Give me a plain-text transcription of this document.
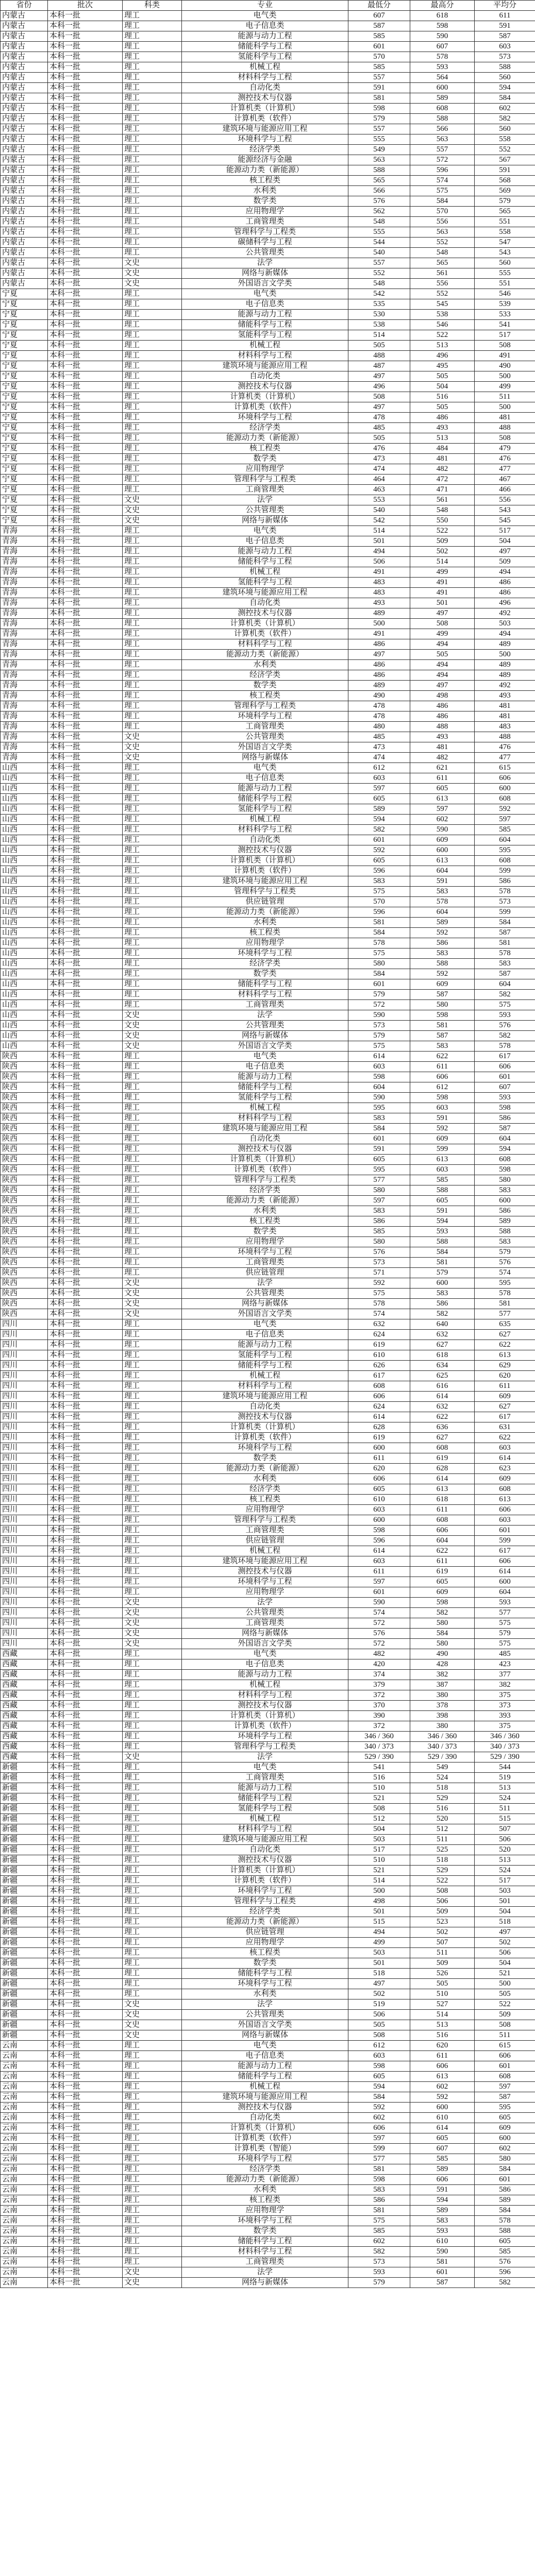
省份	批次	科类	专业	最低分	最高分	平均分
内蒙古	本科一批	理工	电气类	607	618	611
内蒙古	本科一批	理工	电子信息类	587	598	591
内蒙古	本科一批	理工	能源与动力工程	585	590	587
内蒙古	本科一批	理工	储能科学与工程	601	607	603
内蒙古	本科一批	理工	氢能科学与工程	570	578	573
内蒙古	本科一批	理工	机械工程	585	593	588
内蒙古	本科一批	理工	材料科学与工程	557	564	560
内蒙古	本科一批	理工	自动化类	591	600	594
内蒙古	本科一批	理工	测控技术与仪器	581	589	584
内蒙古	本科一批	理工	计算机类（计算机）	598	608	602
内蒙古	本科一批	理工	计算机类（软件）	579	588	582
内蒙古	本科一批	理工	建筑环境与能源应用工程	557	566	560
内蒙古	本科一批	理工	环境科学与工程	555	563	558
内蒙古	本科一批	理工	经济学类	549	557	552
内蒙古	本科一批	理工	能源经济与金融	563	572	567
内蒙古	本科一批	理工	能源动力类（新能源）	588	596	591
内蒙古	本科一批	理工	核工程类	565	574	568
内蒙古	本科一批	理工	水利类	566	575	569
内蒙古	本科一批	理工	数学类	576	584	579
内蒙古	本科一批	理工	应用物理学	562	570	565
内蒙古	本科一批	理工	工商管理类	548	556	551
内蒙古	本科一批	理工	管理科学与工程类	555	563	558
内蒙古	本科一批	理工	碳储科学与工程	544	552	547
内蒙古	本科一批	理工	公共管理类	540	548	543
内蒙古	本科一批	文史	法学	557	565	560
内蒙古	本科一批	文史	网络与新媒体	552	561	555
内蒙古	本科一批	文史	外国语言文学类	548	556	551
宁夏	本科一批	理工	电气类	542	552	546
宁夏	本科一批	理工	电子信息类	535	545	539
宁夏	本科一批	理工	能源与动力工程	530	538	533
宁夏	本科一批	理工	储能科学与工程	538	546	541
宁夏	本科一批	理工	氢能科学与工程	514	522	517
宁夏	本科一批	理工	机械工程	505	513	508
宁夏	本科一批	理工	材料科学与工程	488	496	491
宁夏	本科一批	理工	建筑环境与能源应用工程	487	495	490
宁夏	本科一批	理工	自动化类	497	505	500
宁夏	本科一批	理工	测控技术与仪器	496	504	499
宁夏	本科一批	理工	计算机类（计算机）	508	516	511
宁夏	本科一批	理工	计算机类（软件）	497	505	500
宁夏	本科一批	理工	环境科学与工程	478	486	481
宁夏	本科一批	理工	经济学类	485	493	488
宁夏	本科一批	理工	能源动力类（新能源）	505	513	508
宁夏	本科一批	理工	核工程类	476	484	479
宁夏	本科一批	理工	数学类	473	481	476
宁夏	本科一批	理工	应用物理学	474	482	477
宁夏	本科一批	理工	管理科学与工程类	464	472	467
宁夏	本科一批	理工	工商管理类	463	471	466
宁夏	本科一批	文史	法学	553	561	556
宁夏	本科一批	文史	公共管理类	540	548	543
宁夏	本科一批	文史	网络与新媒体	542	550	545
青海	本科一批	理工	电气类	514	522	517
青海	本科一批	理工	电子信息类	501	509	504
青海	本科一批	理工	能源与动力工程	494	502	497
青海	本科一批	理工	储能科学与工程	506	514	509
青海	本科一批	理工	机械工程	491	499	494
青海	本科一批	理工	氢能科学与工程	483	491	486
青海	本科一批	理工	建筑环境与能源应用工程	483	491	486
青海	本科一批	理工	自动化类	493	501	496
青海	本科一批	理工	测控技术与仪器	489	497	492
青海	本科一批	理工	计算机类（计算机）	500	508	503
青海	本科一批	理工	计算机类（软件）	491	499	494
青海	本科一批	理工	材料科学与工程	486	494	489
青海	本科一批	理工	能源动力类（新能源）	497	505	500
青海	本科一批	理工	水利类	486	494	489
青海	本科一批	理工	经济学类	486	494	489
青海	本科一批	理工	数学类	489	497	492
青海	本科一批	理工	核工程类	490	498	493
青海	本科一批	理工	管理科学与工程类	478	486	481
青海	本科一批	理工	环境科学与工程	478	486	481
青海	本科一批	理工	工商管理类	480	488	483
青海	本科一批	文史	公共管理类	485	493	488
青海	本科一批	文史	外国语言文学类	473	481	476
青海	本科一批	文史	网络与新媒体	474	482	477
山西	本科一批	理工	电气类	612	621	615
山西	本科一批	理工	电子信息类	603	611	606
山西	本科一批	理工	能源与动力工程	597	605	600
山西	本科一批	理工	储能科学与工程	605	613	608
山西	本科一批	理工	氢能科学与工程	589	597	592
山西	本科一批	理工	机械工程	594	602	597
山西	本科一批	理工	材料科学与工程	582	590	585
山西	本科一批	理工	自动化类	601	609	604
山西	本科一批	理工	测控技术与仪器	592	600	595
山西	本科一批	理工	计算机类（计算机）	605	613	608
山西	本科一批	理工	计算机类（软件）	596	604	599
山西	本科一批	理工	建筑环境与能源应用工程	583	591	586
山西	本科一批	理工	管理科学与工程类	575	583	578
山西	本科一批	理工	供应链管理	570	578	573
山西	本科一批	理工	能源动力类（新能源）	596	604	599
山西	本科一批	理工	水利类	581	589	584
山西	本科一批	理工	核工程类	584	592	587
山西	本科一批	理工	应用物理学	578	586	581
山西	本科一批	理工	环境科学与工程	575	583	578
山西	本科一批	理工	经济学类	580	588	583
山西	本科一批	理工	数学类	584	592	587
山西	本科一批	理工	储能科学与工程	601	609	604
山西	本科一批	理工	材料科学与工程	579	587	582
山西	本科一批	理工	工商管理类	572	580	575
山西	本科一批	文史	法学	590	598	593
山西	本科一批	文史	公共管理类	573	581	576
山西	本科一批	文史	网络与新媒体	579	587	582
山西	本科一批	文史	外国语言文学类	575	583	578
陕西	本科一批	理工	电气类	614	622	617
陕西	本科一批	理工	电子信息类	603	611	606
陕西	本科一批	理工	能源与动力工程	598	606	601
陕西	本科一批	理工	储能科学与工程	604	612	607
陕西	本科一批	理工	氢能科学与工程	590	598	593
陕西	本科一批	理工	机械工程	595	603	598
陕西	本科一批	理工	材料科学与工程	583	591	586
陕西	本科一批	理工	建筑环境与能源应用工程	584	592	587
陕西	本科一批	理工	自动化类	601	609	604
陕西	本科一批	理工	测控技术与仪器	591	599	594
陕西	本科一批	理工	计算机类（计算机）	605	613	608
陕西	本科一批	理工	计算机类（软件）	595	603	598
陕西	本科一批	理工	管理科学与工程类	577	585	580
陕西	本科一批	理工	经济学类	580	588	583
陕西	本科一批	理工	能源动力类（新能源）	597	605	600
陕西	本科一批	理工	水利类	583	591	586
陕西	本科一批	理工	核工程类	586	594	589
陕西	本科一批	理工	数学类	585	593	588
陕西	本科一批	理工	应用物理学	580	588	583
陕西	本科一批	理工	环境科学与工程	576	584	579
陕西	本科一批	理工	工商管理类	573	581	576
陕西	本科一批	理工	供应链管理	571	579	574
陕西	本科一批	文史	法学	592	600	595
陕西	本科一批	文史	公共管理类	575	583	578
陕西	本科一批	文史	网络与新媒体	578	586	581
陕西	本科一批	文史	外国语言文学类	574	582	577
四川	本科一批	理工	电气类	632	640	635
四川	本科一批	理工	电子信息类	624	632	627
四川	本科一批	理工	能源与动力工程	619	627	622
四川	本科一批	理工	氢能科学与工程	610	618	613
四川	本科一批	理工	储能科学与工程	626	634	629
四川	本科一批	理工	机械工程	617	625	620
四川	本科一批	理工	材料科学与工程	608	616	611
四川	本科一批	理工	建筑环境与能源应用工程	606	614	609
四川	本科一批	理工	自动化类	624	632	627
四川	本科一批	理工	测控技术与仪器	614	622	617
四川	本科一批	理工	计算机类（计算机）	628	636	631
四川	本科一批	理工	计算机类（软件）	619	627	622
四川	本科一批	理工	环境科学与工程	600	608	603
四川	本科一批	理工	数学类	611	619	614
四川	本科一批	理工	能源动力类（新能源）	620	628	623
四川	本科一批	理工	水利类	606	614	609
四川	本科一批	理工	经济学类	605	613	608
四川	本科一批	理工	核工程类	610	618	613
四川	本科一批	理工	应用物理学	603	611	606
四川	本科一批	理工	管理科学与工程类	600	608	603
四川	本科一批	理工	工商管理类	598	606	601
四川	本科一批	理工	供应链管理	596	604	599
四川	本科一批	理工	机械工程	614	622	617
四川	本科一批	理工	建筑环境与能源应用工程	603	611	606
四川	本科一批	理工	测控技术与仪器	611	619	614
四川	本科一批	理工	环境科学与工程	597	605	600
四川	本科一批	理工	应用物理学	601	609	604
四川	本科一批	文史	法学	590	598	593
四川	本科一批	文史	公共管理类	574	582	577
四川	本科一批	文史	工商管理类	572	580	575
四川	本科一批	文史	网络与新媒体	576	584	579
四川	本科一批	文史	外国语言文学类	572	580	575
西藏	本科一批	理工	电气类	482	490	485
西藏	本科一批	理工	电子信息类	420	428	423
西藏	本科一批	理工	能源与动力工程	374	382	377
西藏	本科一批	理工	机械工程	379	387	382
西藏	本科一批	理工	材料科学与工程	372	380	375
西藏	本科一批	理工	测控技术与仪器	370	378	373
西藏	本科一批	理工	计算机类（计算机）	390	398	393
西藏	本科一批	理工	计算机类（软件）	372	380	375
西藏	本科一批	理工	环境科学与工程	346 / 360	346 / 360	346 / 360
西藏	本科一批	理工	管理科学与工程类	340 / 373	340 / 373	340 / 373
西藏	本科一批	文史	法学	529 / 390	529 / 390	529 / 390
新疆	本科一批	理工	电气类	541	549	544
新疆	本科一批	理工	工商管理类	516	524	519
新疆	本科一批	理工	能源与动力工程	510	518	513
新疆	本科一批	理工	储能科学与工程	521	529	524
新疆	本科一批	理工	氢能科学与工程	508	516	511
新疆	本科一批	理工	机械工程	512	520	515
新疆	本科一批	理工	材料科学与工程	504	512	507
新疆	本科一批	理工	建筑环境与能源应用工程	503	511	506
新疆	本科一批	理工	自动化类	517	525	520
新疆	本科一批	理工	测控技术与仪器	510	518	513
新疆	本科一批	理工	计算机类（计算机）	521	529	524
新疆	本科一批	理工	计算机类（软件）	514	522	517
新疆	本科一批	理工	环境科学与工程	500	508	503
新疆	本科一批	理工	管理科学与工程类	498	506	501
新疆	本科一批	理工	经济学类	501	509	504
新疆	本科一批	理工	能源动力类（新能源）	515	523	518
新疆	本科一批	理工	供应链管理	494	502	497
新疆	本科一批	理工	应用物理学	499	507	502
新疆	本科一批	理工	核工程类	503	511	506
新疆	本科一批	理工	数学类	501	509	504
新疆	本科一批	理工	储能科学与工程	518	526	521
新疆	本科一批	理工	环境科学与工程	497	505	500
新疆	本科一批	理工	水利类	502	510	505
新疆	本科一批	文史	法学	519	527	522
新疆	本科一批	文史	公共管理类	506	514	509
新疆	本科一批	文史	外国语言文学类	505	513	508
新疆	本科一批	文史	网络与新媒体	508	516	511
云南	本科一批	理工	电气类	612	620	615
云南	本科一批	理工	电子信息类	603	611	606
云南	本科一批	理工	能源与动力工程	598	606	601
云南	本科一批	理工	储能科学与工程	605	613	608
云南	本科一批	理工	机械工程	594	602	597
云南	本科一批	理工	建筑环境与能源应用工程	584	592	587
云南	本科一批	理工	测控技术与仪器	592	600	595
云南	本科一批	理工	自动化类	602	610	605
云南	本科一批	理工	计算机类（计算机）	606	614	609
云南	本科一批	理工	计算机类（软件）	597	605	600
云南	本科一批	理工	计算机类（智能）	599	607	602
云南	本科一批	理工	环境科学与工程	577	585	580
云南	本科一批	理工	经济学类	581	589	584
云南	本科一批	理工	能源动力类（新能源）	598	606	601
云南	本科一批	理工	水利类	583	591	586
云南	本科一批	理工	核工程类	586	594	589
云南	本科一批	理工	应用物理学	581	589	584
云南	本科一批	理工	环境科学与工程	575	583	578
云南	本科一批	理工	数学类	585	593	588
云南	本科一批	理工	储能科学与工程	602	610	605
云南	本科一批	理工	材料科学与工程	582	590	585
云南	本科一批	理工	工商管理类	573	581	576
云南	本科一批	文史	法学	593	601	596
云南	本科一批	文史	网络与新媒体	579	587	582
